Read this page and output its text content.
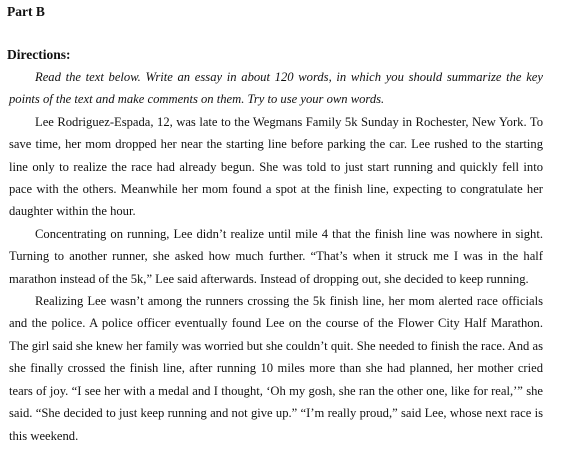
Part B
Directions:

Read the text below. Write an essay in about 120 words, in which you should summarize the key points of the text and make comments on them. Try to use your own words.

Lee Rodriguez-Espada, 12, was late to the Wegmans Family 5k Sunday in Rochester, New York. To save time, her mom dropped her near the starting line before parking the car. Lee rushed to the starting line only to realize the race had already begun. She was told to just start running and quickly fell into pace with the others. Meanwhile her mom found a spot at the finish line, expecting to congratulate her daughter within the hour.

Concentrating on running, Lee didn’t realize until mile 4 that the finish line was nowhere in sight. Turning to another runner, she asked how much further. “That’s when it struck me I was in the half marathon instead of the 5k,” Lee said afterwards. Instead of dropping out, she decided to keep running.

Realizing Lee wasn’t among the runners crossing the 5k finish line, her mom alerted race officials and the police. A police officer eventually found Lee on the course of the Flower City Half Marathon. The girl said she knew her family was worried but she couldn’t quit. She needed to finish the race. And as she finally crossed the finish line, after running 10 miles more than she had planned, her mother cried tears of joy. “I see her with a medal and I thought, ‘Oh my gosh, she ran the other one, like for real,’” she said. “She decided to just keep running and not give up.” “I’m really proud,” said Lee, whose next race is this weekend.
